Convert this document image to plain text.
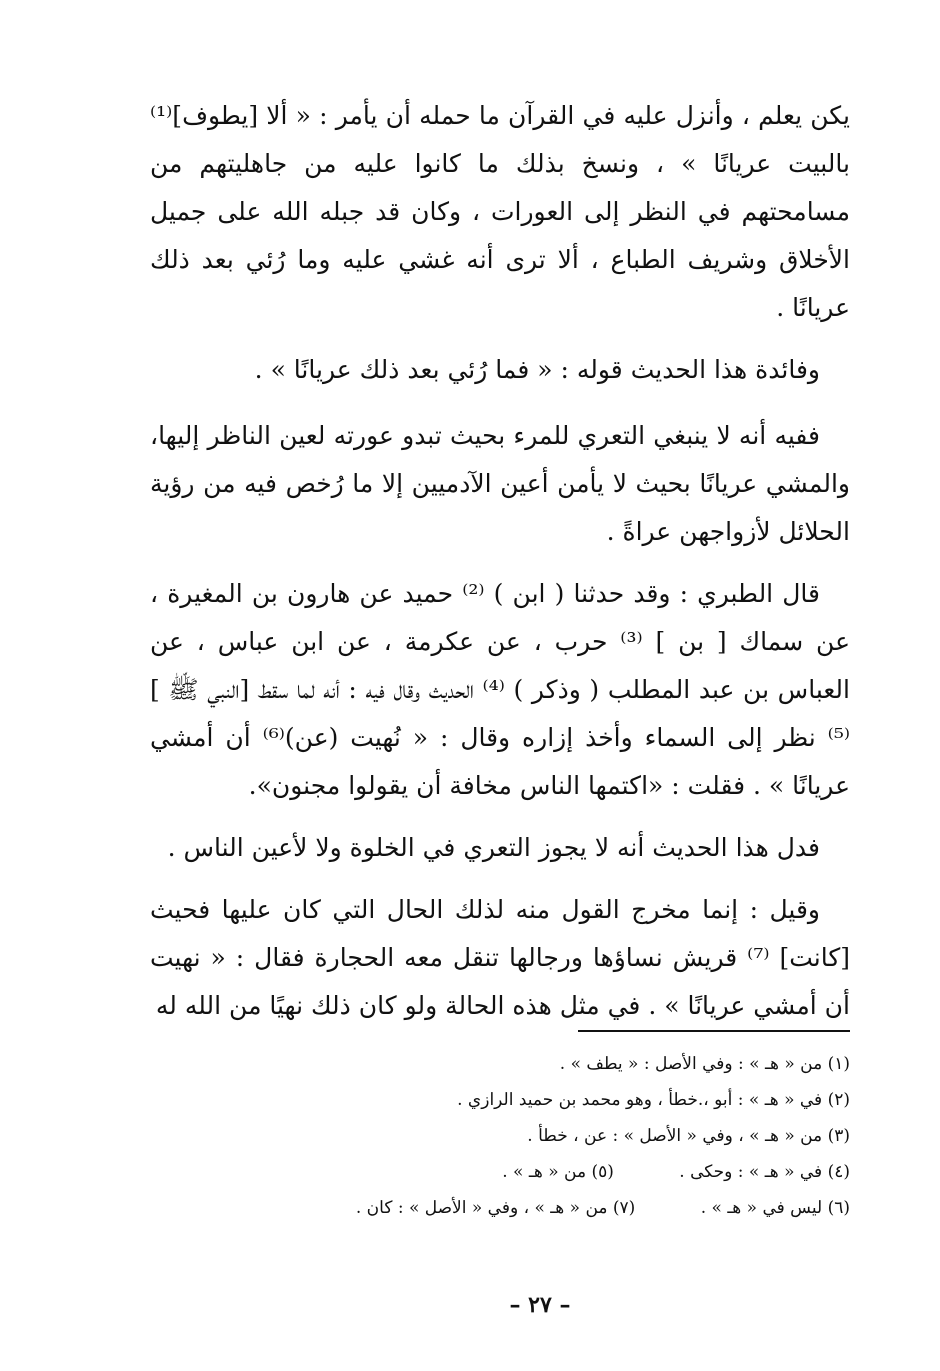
يكن يعلم ، وأنزل عليه في القرآن ما حمله أن يأمر : « ألا [يطوف]⁽¹⁾ بالبيت عريانًا » ، ونسخ بذلك ما كانوا عليه من جاهليتهم من مسامحتهم في النظر إلى العورات ، وكان قد جبله الله على جميل الأخلاق وشريف الطباع ، ألا ترى أنه غشي عليه وما رُئي بعد ذلك عريانًا .

وفائدة هذا الحديث قوله : « فما رُئي بعد ذلك عريانًا » .

ففيه أنه لا ينبغي التعري للمرء بحيث تبدو عورته لعين الناظر إليها، والمشي عريانًا بحيث لا يأمن أعين الآدميين إلا ما رُخص فيه من رؤية الحلائل لأزواجهن عراةً .

قال الطبري : وقد حدثنا ( ابن ) ⁽²⁾ حميد عن هارون بن المغيرة ، عن سماك [ بن ] ⁽³⁾ حرب ، عن عكرمة ، عن ابن عباس ، عن العباس بن عبد المطلب ( وذكر ) ⁽⁴⁾ الحديث وقال فيه : أنه لما سقط [النبي ﷺ ] ⁽⁵⁾ نظر إلى السماء وأخذ إزاره وقال : « نُهيت (عن)⁽⁶⁾ أن أمشي عريانًا » . فقلت : «اكتمها الناس مخافة أن يقولوا مجنون».

فدل هذا الحديث أنه لا يجوز التعري في الخلوة ولا لأعين الناس .

وقيل : إنما مخرج القول منه لذلك الحال التي كان عليها فحيث [كانت] ⁽⁷⁾ قريش نساؤها ورجالها تنقل معه الحجارة فقال : « نهيت أن أمشي عريانًا » . في مثل هذه الحالة ولو كان ذلك نهيًا من الله له

(١) من « هـ » : وفي الأصل : « يطف » .
(٢) في « هـ » : أبو ،.خطأ ، وهو محمد بن حميد الرازي .
(٣) من « هـ » ، وفي « الأصل » : عن ، خطأ .
(٤) في « هـ » : وحكى . (٥) من « هـ » .
(٦) ليس في « هـ » . (٧) من « هـ » ، وفي « الأصل » : كان .
– ٢٧ –
